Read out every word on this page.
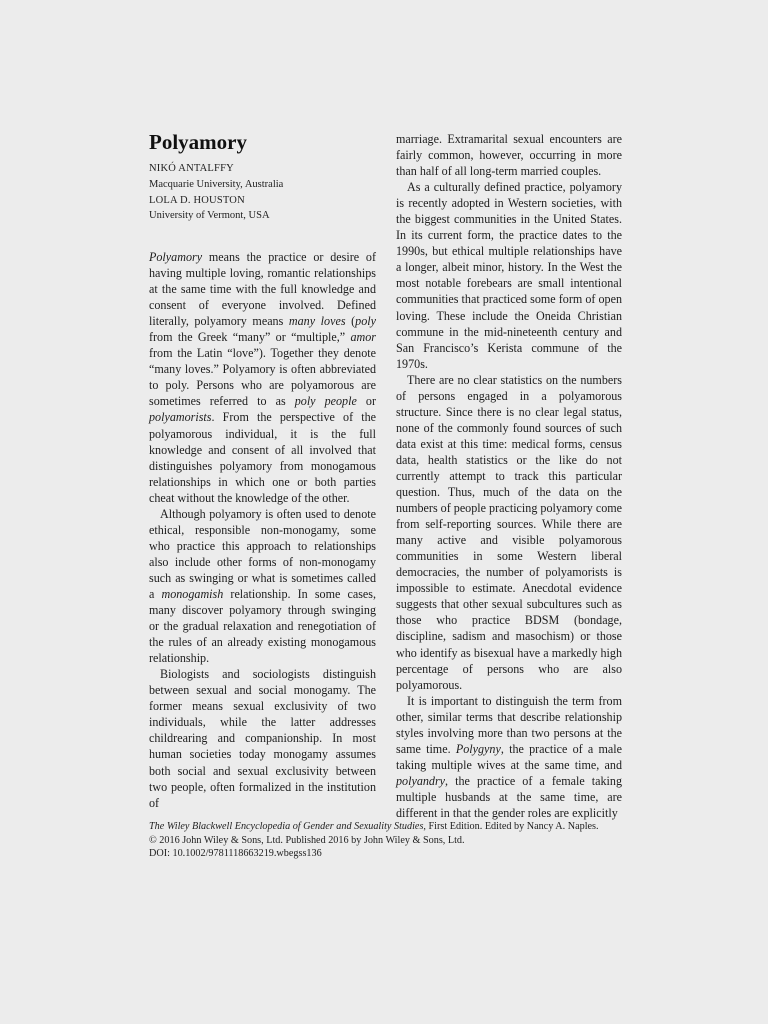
Polyamory
NIKÓ ANTALFFY
Macquarie University, Australia
LOLA D. HOUSTON
University of Vermont, USA

Polyamory means the practice or desire of having multiple loving, romantic relationships at the same time with the full knowledge and consent of everyone involved. Defined literally, polyamory means many loves (poly from the Greek “many” or “multiple,” amor from the Latin “love”). Together they denote “many loves.” Polyamory is often abbreviated to poly. Persons who are polyamorous are sometimes referred to as poly people or polyamorists. From the perspective of the polyamorous individual, it is the full knowledge and consent of all involved that distinguishes polyamory from monogamous relationships in which one or both parties cheat without the knowledge of the other.

Although polyamory is often used to denote ethical, responsible non-monogamy, some who practice this approach to relationships also include other forms of non-monogamy such as swinging or what is sometimes called a monogamish relationship. In some cases, many discover polyamory through swinging or the gradual relaxation and renegotiation of the rules of an already existing monogamous relationship.

Biologists and sociologists distinguish between sexual and social monogamy. The former means sexual exclusivity of two individuals, while the latter addresses childrearing and companionship. In most human societies today monogamy assumes both social and sexual exclusivity between two people, often formalized in the institution of

marriage. Extramarital sexual encounters are fairly common, however, occurring in more than half of all long-term married couples.

As a culturally defined practice, polyamory is recently adopted in Western societies, with the biggest communities in the United States. In its current form, the practice dates to the 1990s, but ethical multiple relationships have a longer, albeit minor, history. In the West the most notable forebears are small intentional communities that practiced some form of open loving. These include the Oneida Christian commune in the mid-nineteenth century and San Francisco’s Kerista commune of the 1970s.

There are no clear statistics on the numbers of persons engaged in a polyamorous structure. Since there is no clear legal status, none of the commonly found sources of such data exist at this time: medical forms, census data, health statistics or the like do not currently attempt to track this particular question. Thus, much of the data on the numbers of people practicing polyamory come from self-reporting sources. While there are many active and visible polyamorous communities in some Western liberal democracies, the number of polyamorists is impossible to estimate. Anecdotal evidence suggests that other sexual subcultures such as those who practice BDSM (bondage, discipline, sadism and masochism) or those who identify as bisexual have a markedly high percentage of persons who are also polyamorous.

It is important to distinguish the term from other, similar terms that describe relationship styles involving more than two persons at the same time. Polygyny, the practice of a male taking multiple wives at the same time, and polyandry, the practice of a female taking multiple husbands at the same time, are different in that the gender roles are explicitly

The Wiley Blackwell Encyclopedia of Gender and Sexuality Studies, First Edition. Edited by Nancy A. Naples.
© 2016 John Wiley & Sons, Ltd. Published 2016 by John Wiley & Sons, Ltd.
DOI: 10.1002/9781118663219.wbegss136
